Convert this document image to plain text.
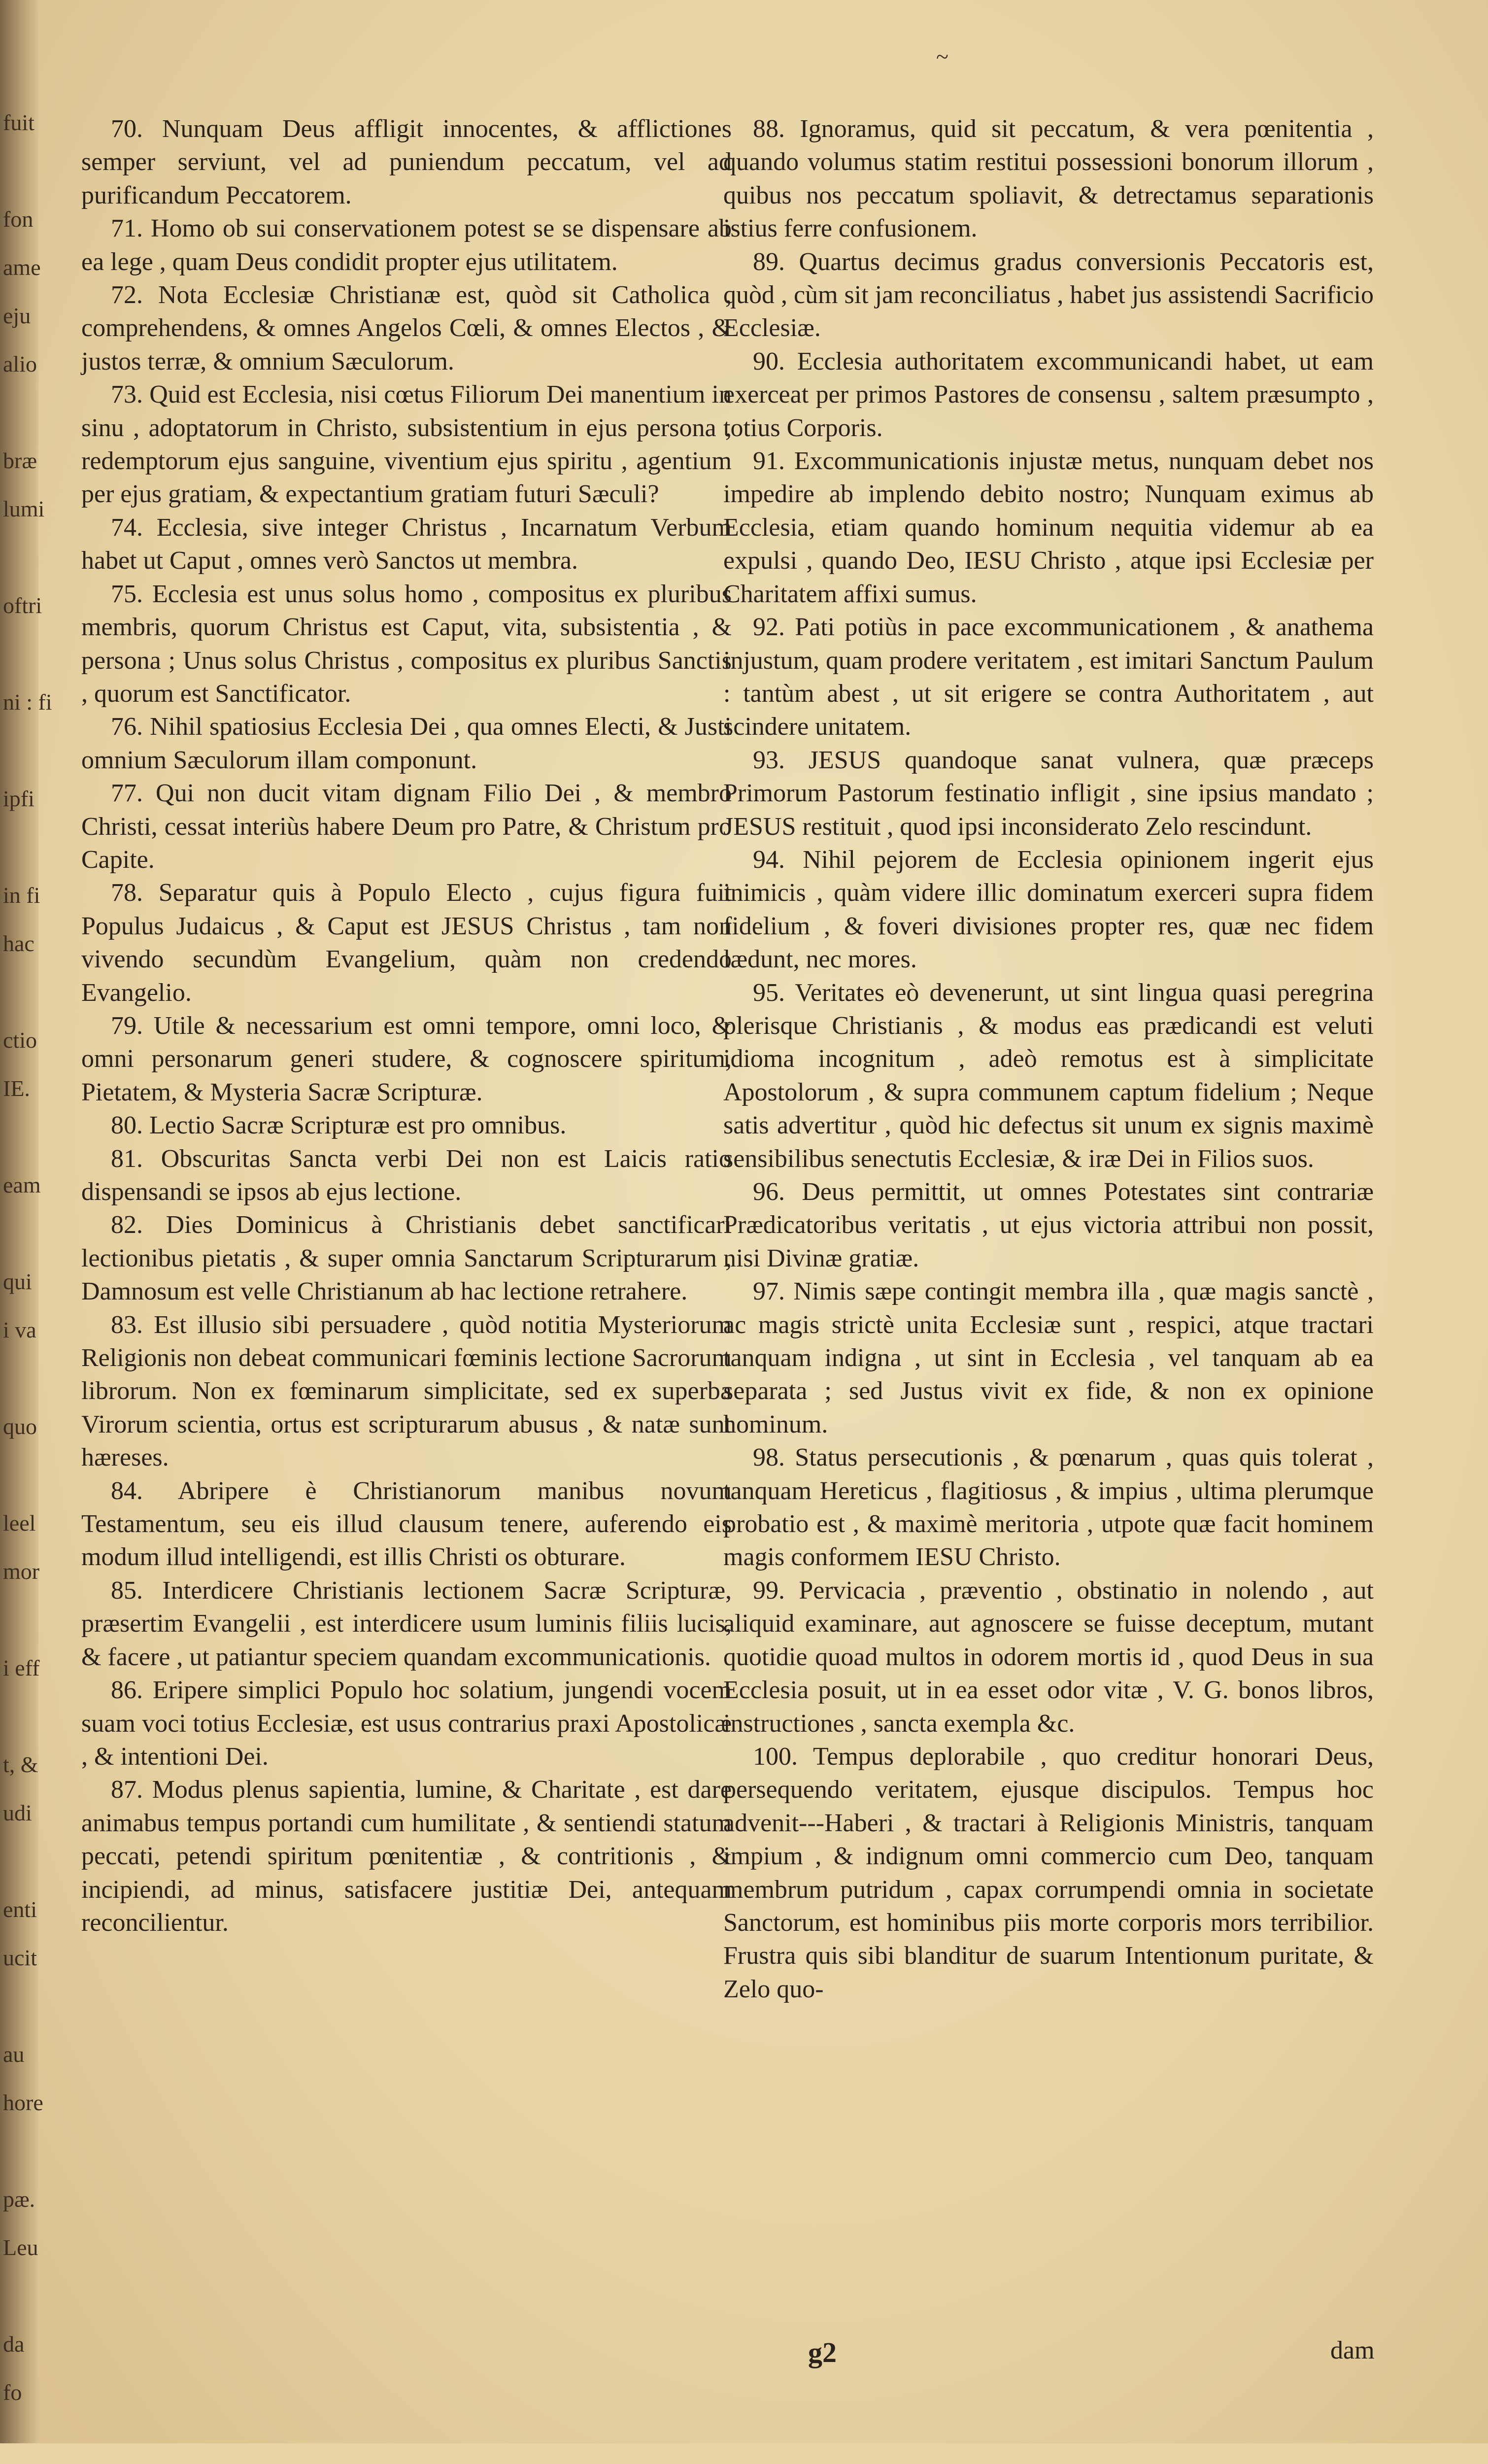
fuit
fon
ame
eju
alio
bræ
lumi
oftri
ni : fi
ipfi
in fi
hac
ctio
IE.
eam
qui
i va
quo
leel
mor
i eff
t, &
udi
enti
ucit
au
hore
pæ.
Leu
da
fo
~

70. Nunquam Deus affligit innocentes, & afflictiones semper serviunt, vel ad puniendum peccatum, vel ad purificandum Peccatorem.

71. Homo ob sui conservationem potest se se dispensare ab ea lege , quam Deus condidit propter ejus utilitatem.

72. Nota Ecclesiæ Christianæ est, quòd sit Catholica , comprehendens, & omnes Angelos Cœli, & omnes Electos , & justos terræ, & omnium Sæculorum.

73. Quid est Ecclesia, nisi cœtus Filiorum Dei manentium in sinu , adoptatorum in Christo, subsistentium in ejus persona , redemptorum ejus sanguine, viventium ejus spiritu , agentium per ejus gratiam, & expectantium gratiam futuri Sæculi?

74. Ecclesia, sive integer Christus , Incarnatum Verbum habet ut Caput , omnes verò Sanctos ut membra.

75. Ecclesia est unus solus homo , compositus ex pluribus membris, quorum Christus est Caput, vita, subsistentia , & persona ; Unus solus Christus , compositus ex pluribus Sanctis , quorum est Sanctificator.

76. Nihil spatiosius Ecclesia Dei , qua omnes Electi, & Justi omnium Sæculorum illam componunt.

77. Qui non ducit vitam dignam Filio Dei , & membro Christi, cessat interiùs habere Deum pro Patre, & Christum pro Capite.

78. Separatur quis à Populo Electo , cujus figura fuit Populus Judaicus , & Caput est JESUS Christus , tam non vivendo secundùm Evangelium, quàm non credendo Evangelio.

79. Utile & necessarium est omni tempore, omni loco, & omni personarum generi studere, & cognoscere spiritum, Pietatem, & Mysteria Sacræ Scripturæ.

80. Lectio Sacræ Scripturæ est pro omnibus.

81. Obscuritas Sancta verbi Dei non est Laicis ratio dispensandi se ipsos ab ejus lectione.

82. Dies Dominicus à Christianis debet sanctificari lectionibus pietatis , & super omnia Sanctarum Scripturarum , Damnosum est velle Christianum ab hac lectione retrahere.

83. Est illusio sibi persuadere , quòd notitia Mysteriorum Religionis non debeat communicari fœminis lectione Sacrorum librorum. Non ex fœminarum simplicitate, sed ex superba Virorum scientia, ortus est scripturarum abusus , & natæ sunt hæreses.

84. Abripere è Christianorum manibus novum Testamentum, seu eis illud clausum tenere, auferendo eis modum illud intelligendi, est illis Christi os obturare.

85. Interdicere Christianis lectionem Sacræ Scripturæ, præsertim Evangelii , est interdicere usum luminis filiis lucis, & facere , ut patiantur speciem quandam excommunicationis.

86. Eripere simplici Populo hoc solatium, jungendi vocem suam voci totius Ecclesiæ, est usus contrarius praxi Apostolicæ , & intentioni Dei.

87. Modus plenus sapientia, lumine, & Charitate , est dare animabus tempus portandi cum humilitate , & sentiendi statum peccati, petendi spiritum pœnitentiæ , & contritionis , & incipiendi, ad minus, satisfacere justitiæ Dei, antequam reconcilientur.

88. Ignoramus, quid sit peccatum, & vera pœnitentia , quando volumus statim restitui possessioni bonorum illorum , quibus nos peccatum spoliavit, & detrectamus separationis istius ferre confusionem.

89. Quartus decimus gradus conversionis Peccatoris est, quòd , cùm sit jam reconciliatus , habet jus assistendi Sacrificio Ecclesiæ.

90. Ecclesia authoritatem excommunicandi habet, ut eam exerceat per primos Pastores de consensu , saltem præsumpto , totius Corporis.

91. Excommunicationis injustæ metus, nunquam debet nos impedire ab implendo debito nostro; Nunquam eximus ab Ecclesia, etiam quando hominum nequitia videmur ab ea expulsi , quando Deo, IESU Christo , atque ipsi Ecclesiæ per Charitatem affixi sumus.

92. Pati potiùs in pace excommunicationem , & anathema injustum, quam prodere veritatem , est imitari Sanctum Paulum : tantùm abest , ut sit erigere se contra Authoritatem , aut scindere unitatem.

93. JESUS quandoque sanat vulnera, quæ præceps Primorum Pastorum festinatio infligit , sine ipsius mandato ; JESUS restituit , quod ipsi inconsiderato Zelo rescindunt.

94. Nihil pejorem de Ecclesia opinionem ingerit ejus inimicis , quàm videre illic dominatum exerceri supra fidem fidelium , & foveri divisiones propter res, quæ nec fidem lædunt, nec mores.

95. Veritates eò devenerunt, ut sint lingua quasi peregrina plerisque Christianis , & modus eas prædicandi est veluti idioma incognitum , adeò remotus est à simplicitate Apostolorum , & supra communem captum fidelium ; Neque satis advertitur , quòd hic defectus sit unum ex signis maximè sensibilibus senectutis Ecclesiæ, & iræ Dei in Filios suos.

96. Deus permittit, ut omnes Potestates sint contrariæ Prædicatoribus veritatis , ut ejus victoria attribui non possit, nisi Divinæ gratiæ.

97. Nimis sæpe contingit membra illa , quæ magis sanctè , ac magis strictè unita Ecclesiæ sunt , respici, atque tractari tanquam indigna , ut sint in Ecclesia , vel tanquam ab ea separata ; sed Justus vivit ex fide, & non ex opinione hominum.

98. Status persecutionis , & pœnarum , quas quis tolerat , tanquam Hereticus , flagitiosus , & impius , ultima plerumque probatio est , & maximè meritoria , utpote quæ facit hominem magis conformem IESU Christo.

99. Pervicacia , præventio , obstinatio in nolendo , aut aliquid examinare, aut agnoscere se fuisse deceptum, mutant quotidie quoad multos in odorem mortis id , quod Deus in sua Ecclesia posuit, ut in ea esset odor vitæ , V. G. bonos libros, instructiones , sancta exempla &c.

100. Tempus deplorabile , quo creditur honorari Deus, persequendo veritatem, ejusque discipulos. Tempus hoc advenit---Haberi , & tractari à Religionis Ministris, tanquam impium , & indignum omni commercio cum Deo, tanquam membrum putridum , capax corrumpendi omnia in societate Sanctorum, est hominibus piis morte corporis mors terribilior. Frustra quis sibi blanditur de suarum Intentionum puritate, & Zelo quo-

g2	dam
